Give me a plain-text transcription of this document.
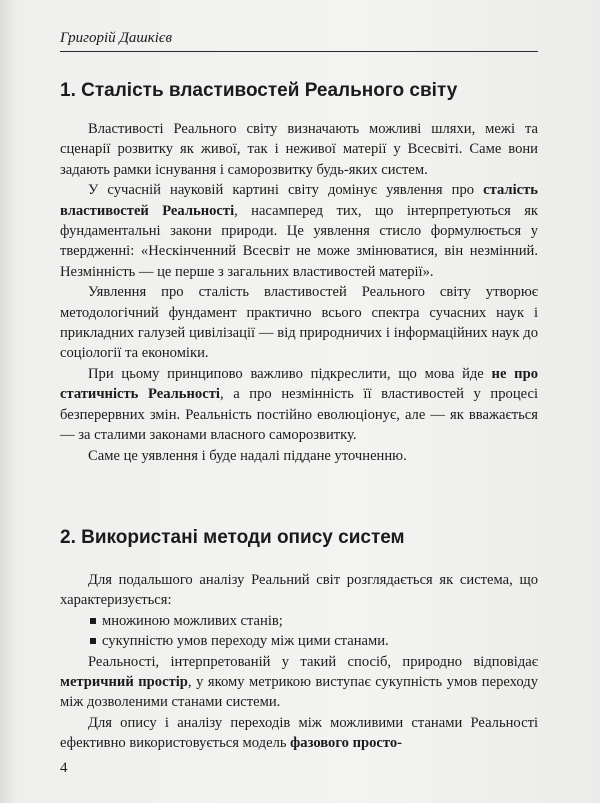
Григорій Дашкієв
1. Сталість властивостей Реального світу

Властивості Реального світу визначають можливі шляхи, межі та сценарії розвитку як живої, так і неживої матерії у Всесвіті. Саме вони задають рамки існування і саморозвитку будь-яких систем.

У сучасній науковій картині світу домінує уявлення про сталість властивостей Реальності, насамперед тих, що інтерпретуються як фундаментальні закони природи. Це уявлення стисло формулюється у твердженні: «Нескінченний Всесвіт не може змінюватися, він незмінний. Незмінність — це перше з загальних властивостей матерії».

Уявлення про сталість властивостей Реального світу утворює методологічний фундамент практично всього спектра сучасних наук і прикладних галузей цивілізації — від природничих і інформаційних наук до соціології та економіки.

При цьому принципово важливо підкреслити, що мова йде не про статичність Реальності, а про незмінність її властивостей у процесі безперервних змін. Реальність постійно еволюціонує, але — як вважається — за сталими законами власного саморозвитку.

Саме це уявлення і буде надалі піддане уточненню.

2. Використані методи опису систем

Для подальшого аналізу Реальний світ розглядається як система, що характеризується:

множиною можливих станів;
сукупністю умов переходу між цими станами.

Реальності, інтерпретованій у такий спосіб, природно відповідає метричний простір, у якому метрикою виступає сукупність умов переходу між дозволеними станами системи.

Для опису і аналізу переходів між можливими станами Реальності ефективно використовується модель фазового просто-

4
